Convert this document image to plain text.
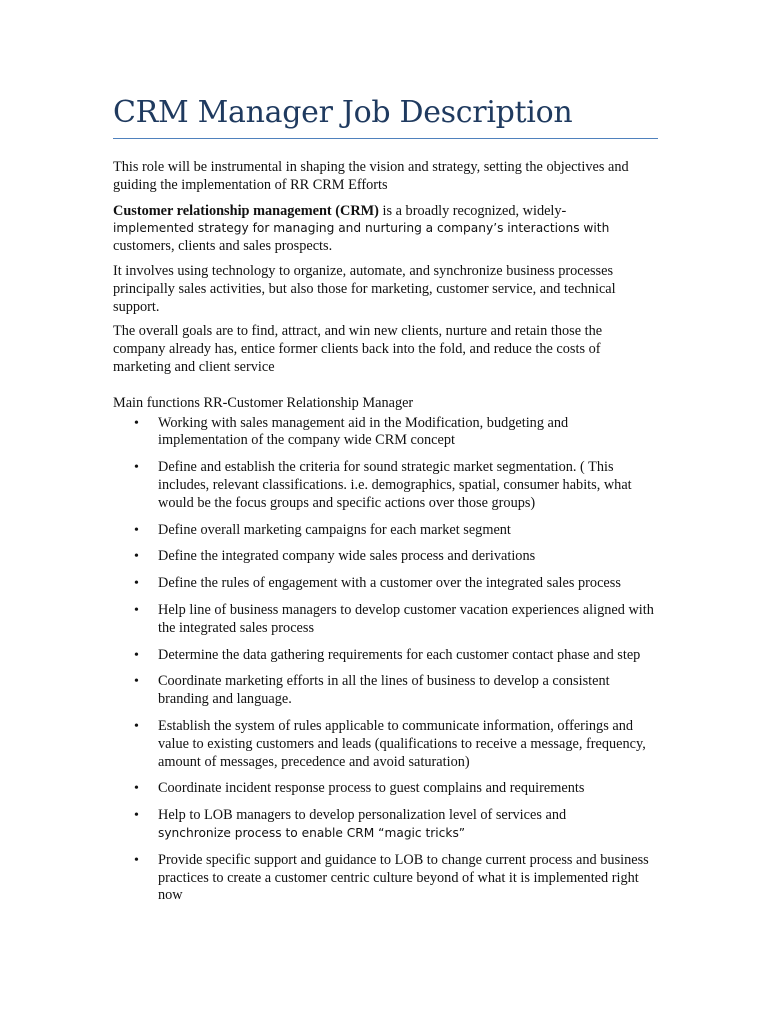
CRM Manager Job Description

This role will be instrumental in shaping the vision and strategy, setting the objectives and guiding the implementation of RR CRM Efforts

Customer relationship management (CRM) is a broadly recognized, widely-
implemented strategy for managing and nurturing a company’s interactions with
customers, clients and sales prospects.

It involves using technology to organize, automate, and synchronize business processes principally sales activities, but also those for marketing, customer service, and technical support.

The overall goals are to find, attract, and win new clients, nurture and retain those the company already has, entice former clients back into the fold, and reduce the costs of marketing and client service

Main functions RR-Customer Relationship Manager

• Working with sales management aid in the Modification, budgeting and implementation of the company wide CRM concept
• Define and establish the criteria for sound strategic market segmentation. ( This includes, relevant classifications. i.e. demographics, spatial, consumer habits, what would be the focus groups and specific actions over those groups)
• Define overall marketing campaigns for each market segment
• Define the integrated company wide sales process and derivations
• Define the rules of engagement with a customer over the integrated sales process
• Help line of business managers to develop customer vacation experiences aligned with the integrated sales process
• Determine the data gathering requirements for each customer contact phase and step
• Coordinate marketing efforts in all the lines of business to develop a consistent branding and language.
• Establish the system of rules applicable to communicate information, offerings and value to existing customers and leads (qualifications to receive a message, frequency, amount of messages, precedence and avoid saturation)
• Coordinate incident response process to guest complains and requirements
• Help to LOB managers to develop personalization level of services and
synchronize process to enable CRM “magic tricks”
• Provide specific support and guidance to LOB to change current process and business practices to create a customer centric culture beyond of what it is implemented right now
